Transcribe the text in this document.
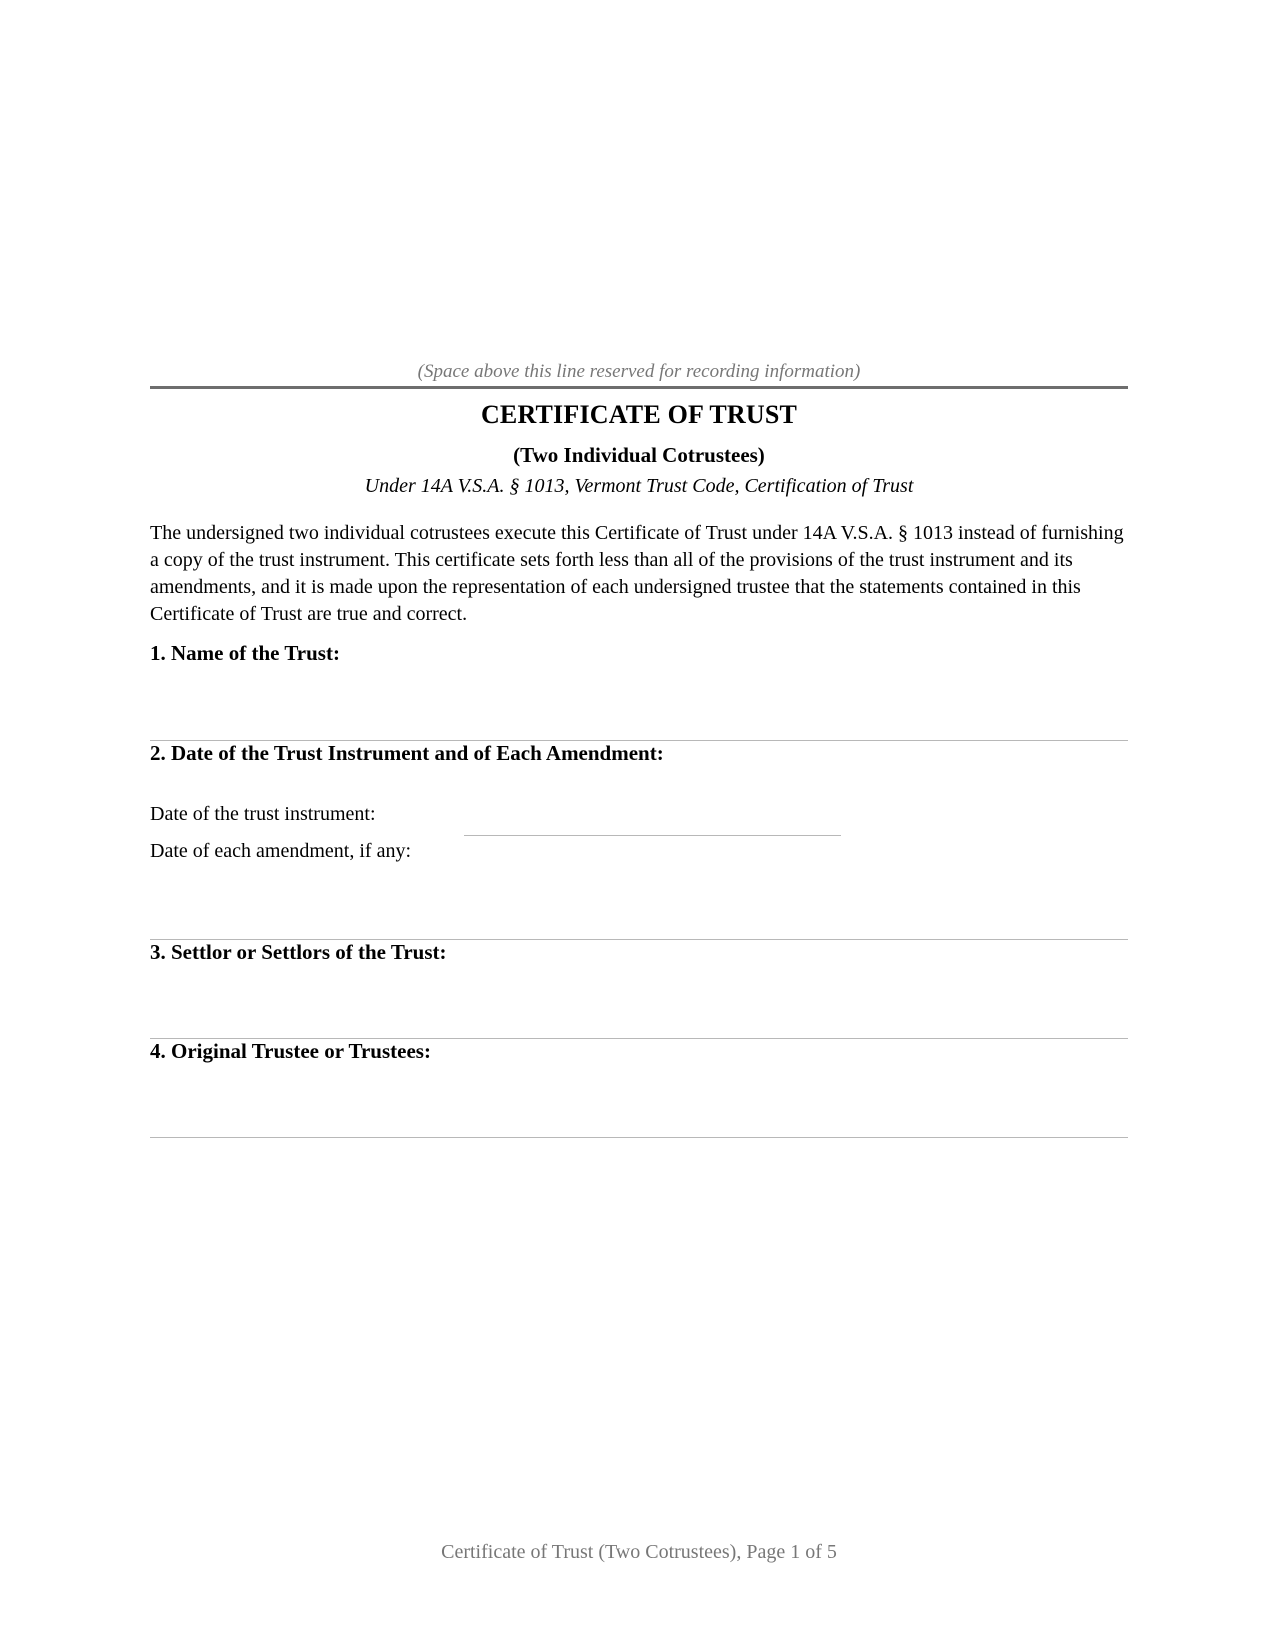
(Space above this line reserved for recording information)
CERTIFICATE OF TRUST
(Two Individual Cotrustees)
Under 14A V.S.A. § 1013, Vermont Trust Code, Certification of Trust

The undersigned two individual cotrustees execute this Certificate of Trust under 14A V.S.A. § 1013 instead of furnishing a copy of the trust instrument. This certificate sets forth less than all of the provisions of the trust instrument and its amendments, and it is made upon the representation of each undersigned trustee that the statements contained in this Certificate of Trust are true and correct.

1. Name of the Trust:
2. Date of the Trust Instrument and of Each Amendment:
Date of the trust instrument:
Date of each amendment, if any:
3. Settlor or Settlors of the Trust:
4. Original Trustee or Trustees:
Certificate of Trust (Two Cotrustees), Page 1 of 5
